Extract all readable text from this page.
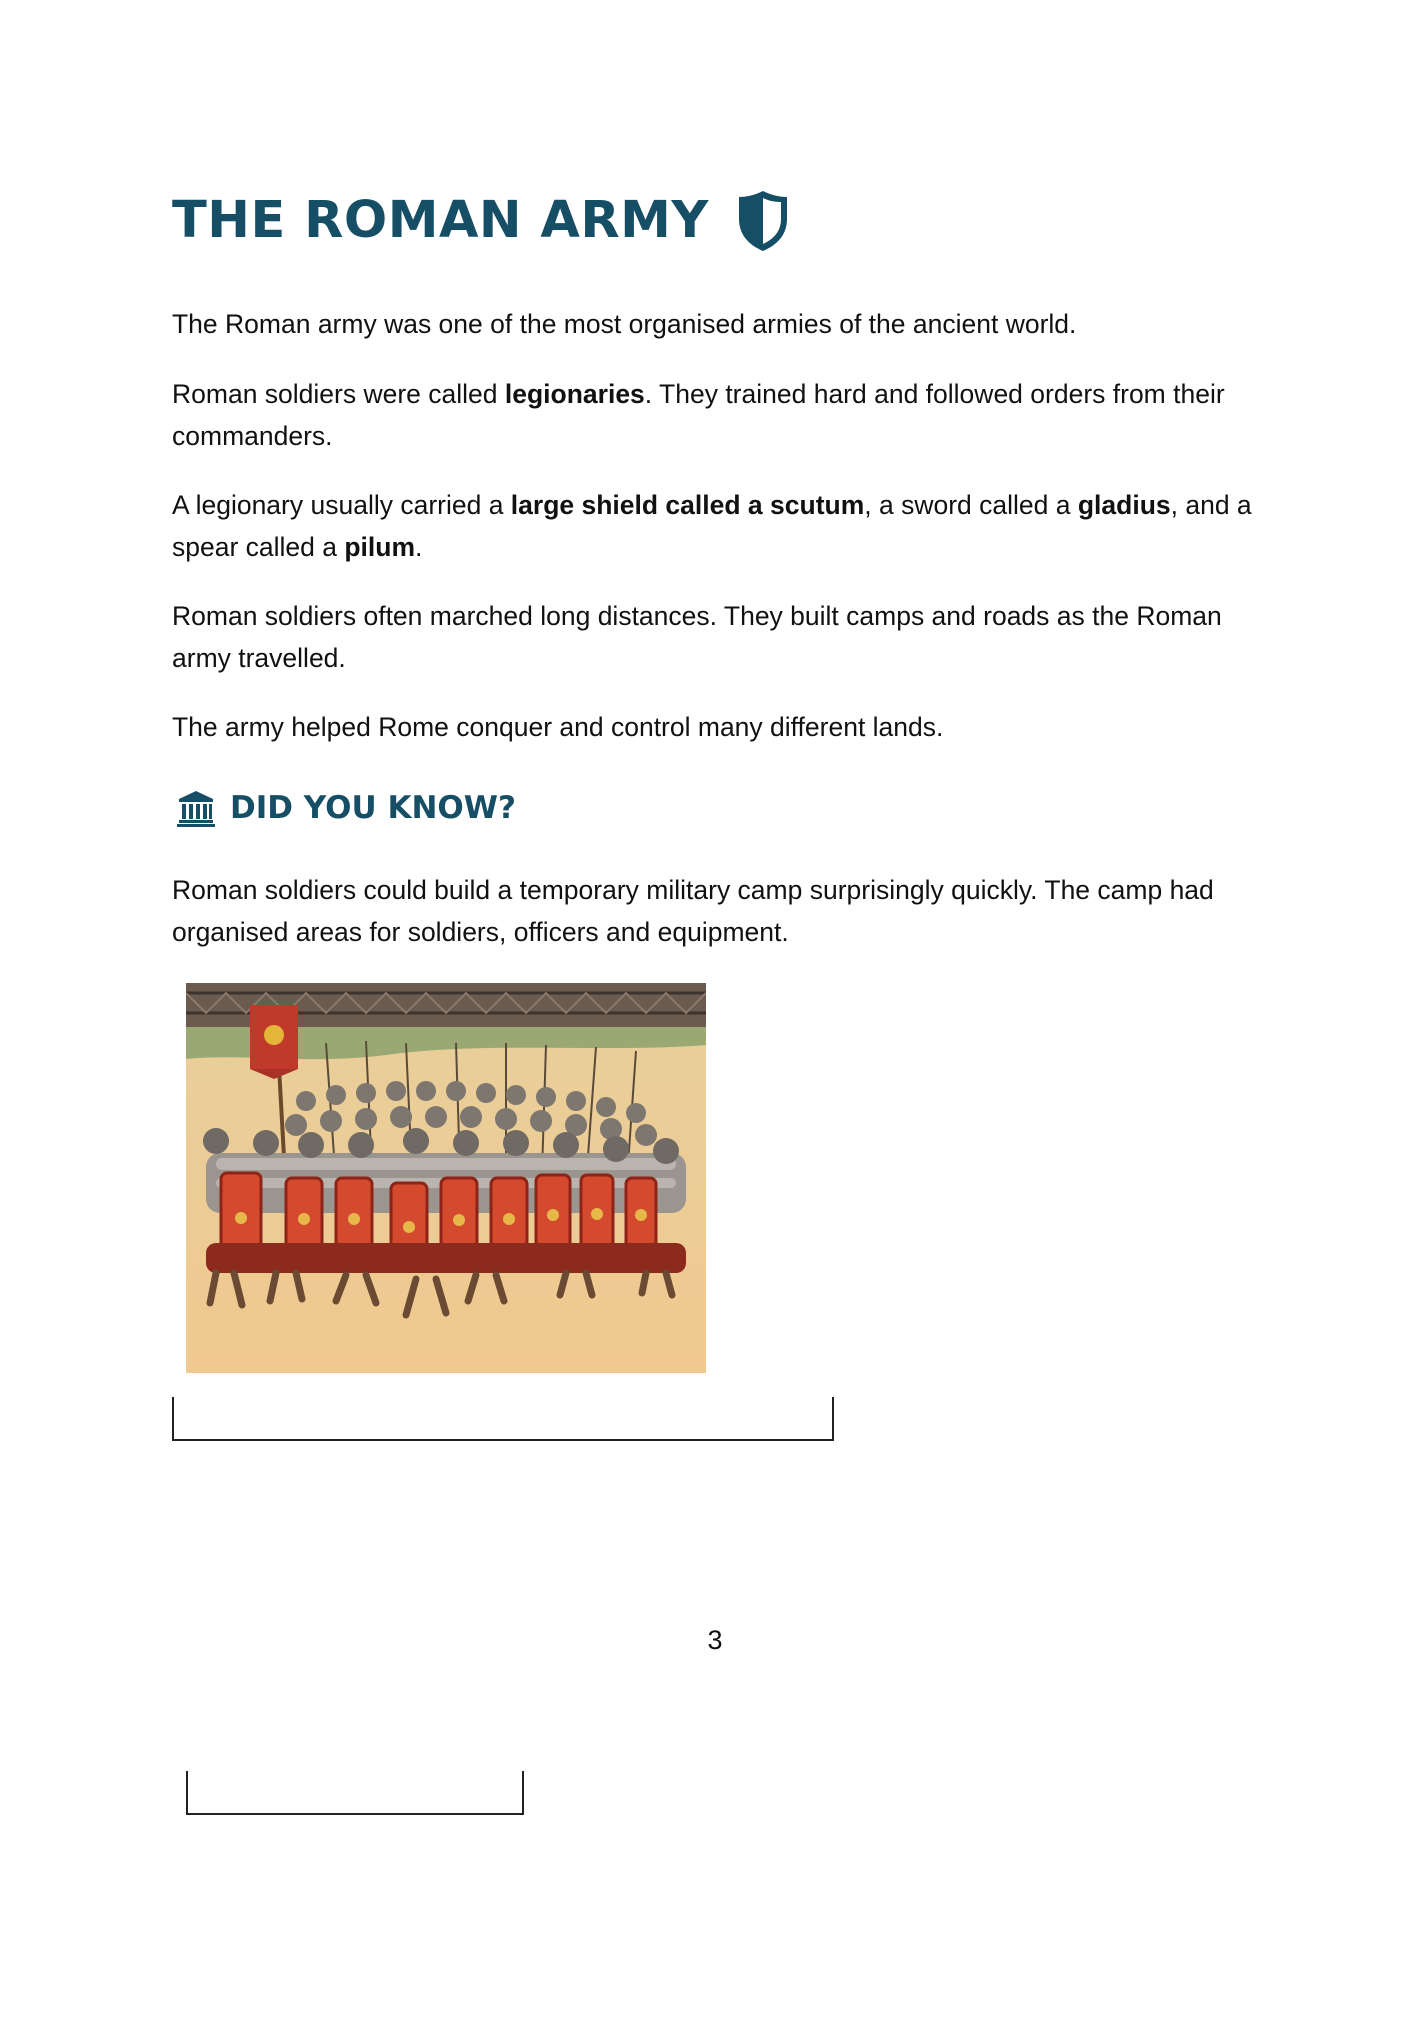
THE ROMAN ARMY

The Roman army was one of the most organised armies of the ancient world.

Roman soldiers were called legionaries. They trained hard and followed orders from their commanders.

A legionary usually carried a large shield called a scutum, a sword called a gladius, and a spear called a pilum.

Roman soldiers often marched long distances. They built camps and roads as the Roman army travelled.

The army helped Rome conquer and control many different lands.

DID YOU KNOW?

Roman soldiers could build a temporary military camp surprisingly quickly. The camp had organised areas for soldiers, officers and equipment.

3
